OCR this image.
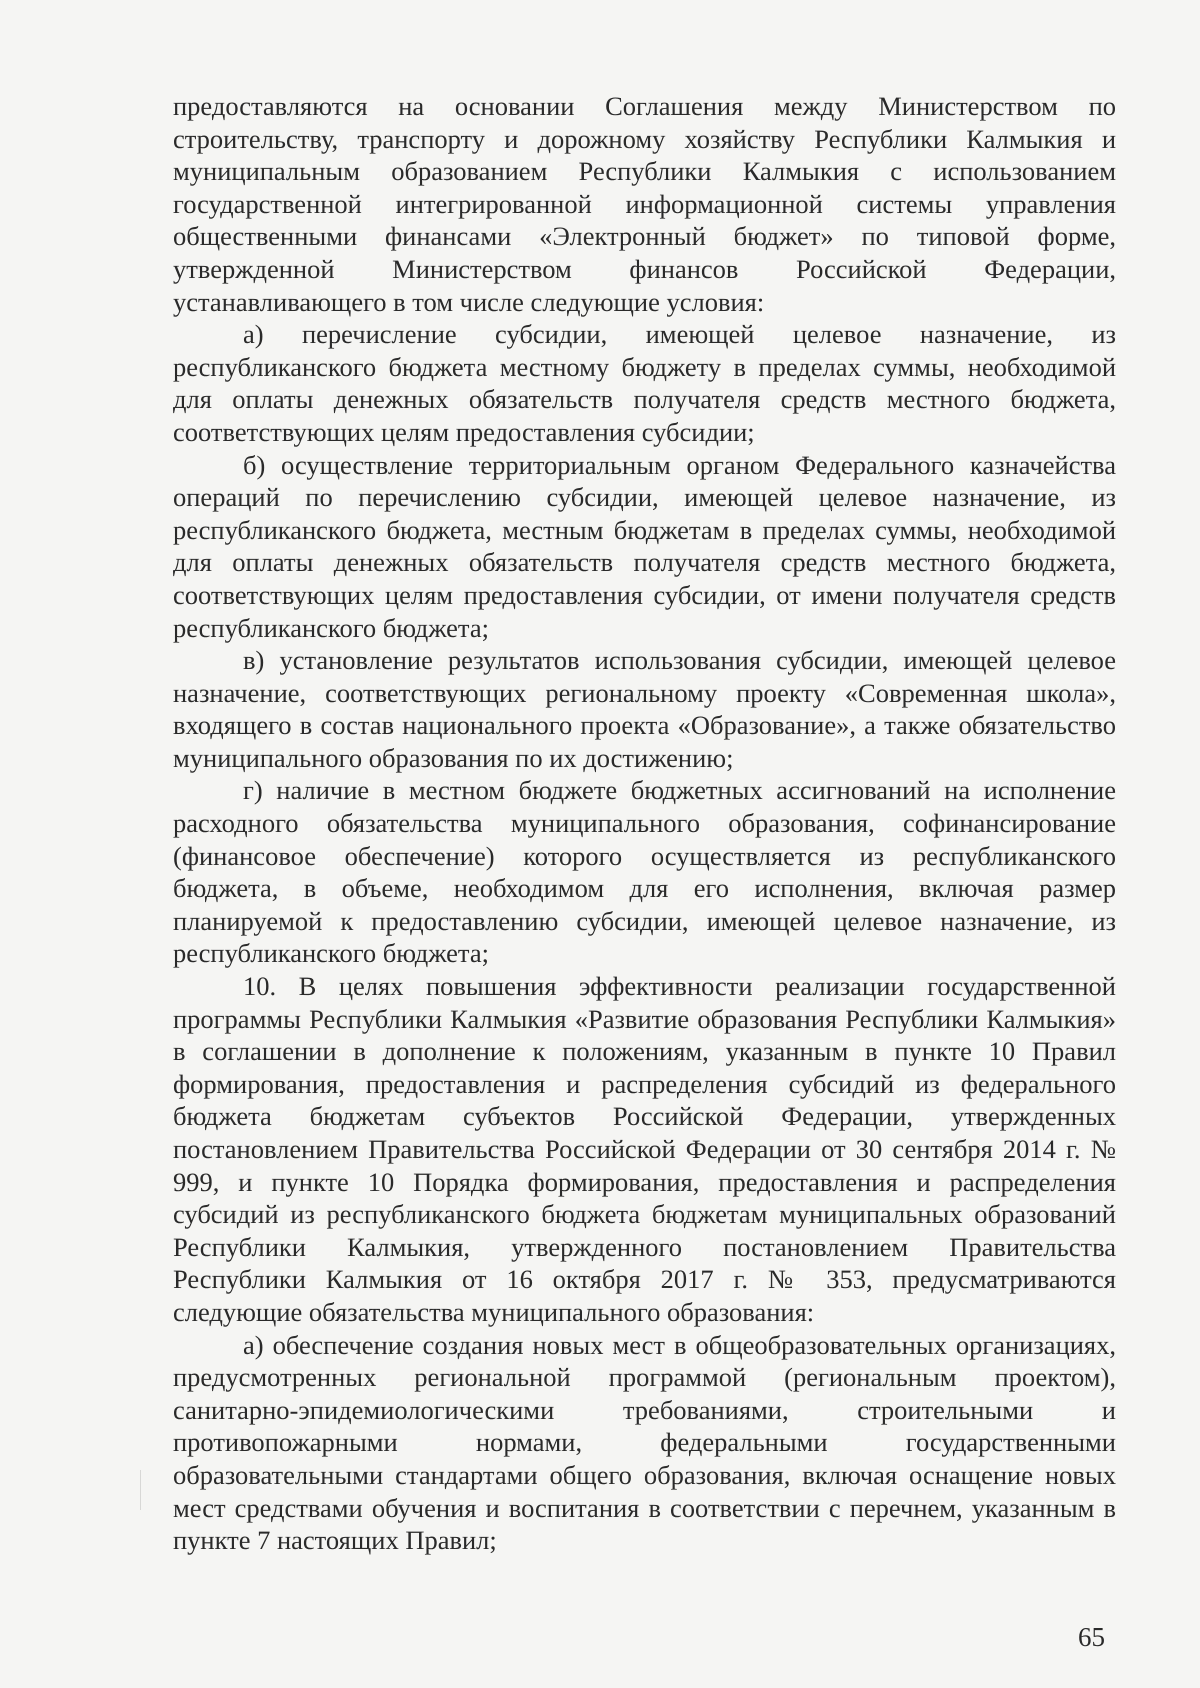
предоставляются на основании Соглашения между Министерством по строительству, транспорту и дорожному хозяйству Республики Калмыкия и муниципальным образованием Республики Калмыкия с использованием государственной интегрированной информационной системы управления общественными финансами «Электронный бюджет» по типовой форме, утвержденной Министерством финансов Российской Федерации, устанавливающего в том числе следующие условия:

а) перечисление субсидии, имеющей целевое назначение, из республиканского бюджета местному бюджету в пределах суммы, необходимой для оплаты денежных обязательств получателя средств местного бюджета, соответствующих целям предоставления субсидии;

б) осуществление территориальным органом Федерального казначейства операций по перечислению субсидии, имеющей целевое назначение, из республиканского бюджета, местным бюджетам в пределах суммы, необходимой для оплаты денежных обязательств получателя средств местного бюджета, соответствующих целям предоставления субсидии, от имени получателя средств республиканского бюджета;

в) установление результатов использования субсидии, имеющей целевое назначение, соответствующих региональному проекту «Современная школа», входящего в состав национального проекта «Образование», а также обязательство муниципального образования по их достижению;

г) наличие в местном бюджете бюджетных ассигнований на исполнение расходного обязательства муниципального образования, софинансирование (финансовое обеспечение) которого осуществляется из республиканского бюджета, в объеме, необходимом для его исполнения, включая размер планируемой к предоставлению субсидии, имеющей целевое назначение, из республиканского бюджета;

10. В целях повышения эффективности реализации государственной программы Республики Калмыкия «Развитие образования Республики Калмыкия» в соглашении в дополнение к положениям, указанным в пункте 10 Правил формирования, предоставления и распределения субсидий из федерального бюджета бюджетам субъектов Российской Федерации, утвержденных постановлением Правительства Российской Федерации от 30 сентября 2014 г. № 999, и пункте 10 Порядка формирования, предоставления и распределения субсидий из республиканского бюджета бюджетам муниципальных образований Республики Калмыкия, утвержденного постановлением Правительства Республики Калмыкия от 16 октября 2017 г. № 353, предусматриваются следующие обязательства муниципального образования:

а) обеспечение создания новых мест в общеобразовательных организациях, предусмотренных региональной программой (региональным проектом), санитарно-эпидемиологическими требованиями, строительными и противопожарными нормами, федеральными государственными образовательными стандартами общего образования, включая оснащение новых мест средствами обучения и воспитания в соответствии с перечнем, указанным в пункте 7 настоящих Правил;

65
